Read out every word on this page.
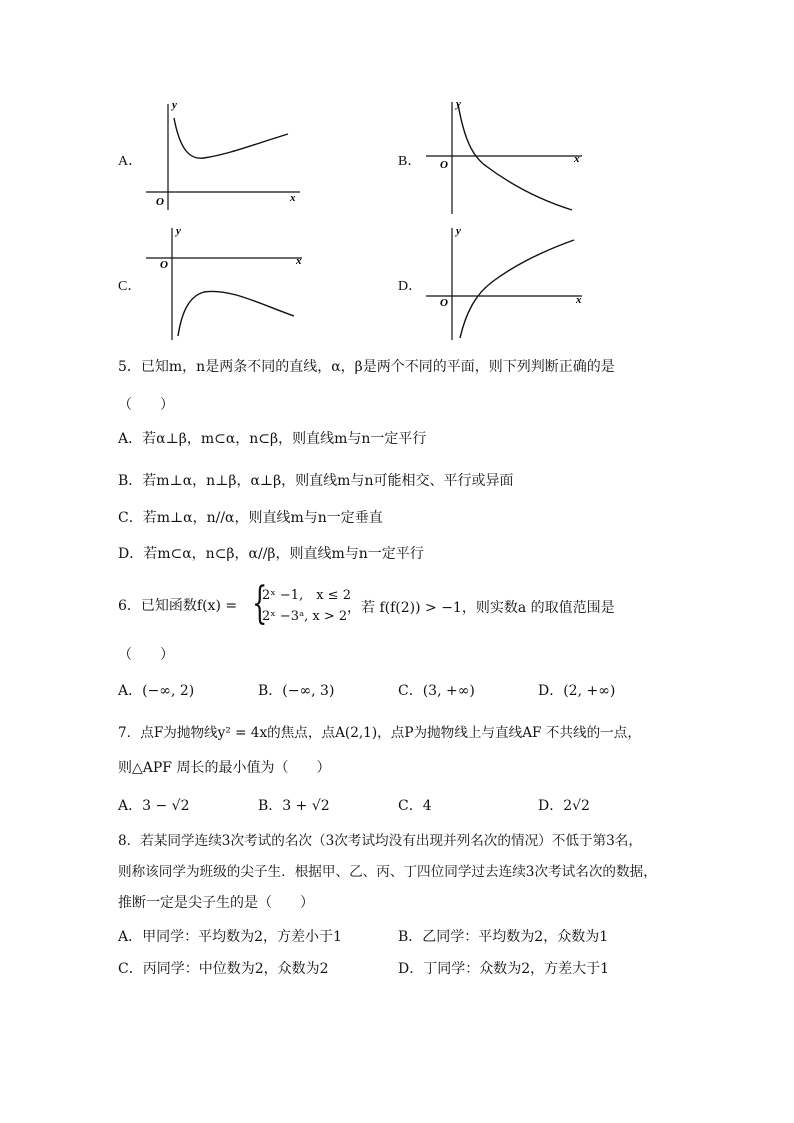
A．
y
O	x
B．
y
O	x
C．
y
O	x
D．
y
O	x
5．已知m，n是两条不同的直线，α，β是两个不同的平面，则下列判断正确的是
（　　）
A．若α⊥β，m⊂α，n⊂β，则直线m与n一定平行
B．若m⊥α，n⊥β，α⊥β，则直线m与n可能相交、平行或异面
C．若m⊥α，n//α，则直线m与n一定垂直
D．若m⊂α，n⊂β，α//β，则直线m与n一定平行
6．已知函数f(x) = {
2ˣ −1,　x ≤ 2
2ˣ −3ᵃ, x > 2
，若 f(f(2)) > −1，则实数a 的取值范围是
（　　）
A．(−∞, 2)	B．(−∞, 3)	C．(3, +∞)	D．(2, +∞)
7．点F为抛物线y² = 4x的焦点，点A(2,1)，点P为抛物线上与直线AF 不共线的一点，
则△APF 周长的最小值为（　　）
A．3 − √2	B．3 + √2	C．4	D．2√2
8．若某同学连续3次考试的名次（3次考试均没有出现并列名次的情况）不低于第3名，
则称该同学为班级的尖子生．根据甲、乙、丙、丁四位同学过去连续3次考试名次的数据，
推断一定是尖子生的是（　　）
A．甲同学：平均数为2，方差小于1	B．乙同学：平均数为2，众数为1
C．丙同学：中位数为2，众数为2	D．丁同学：众数为2，方差大于1
